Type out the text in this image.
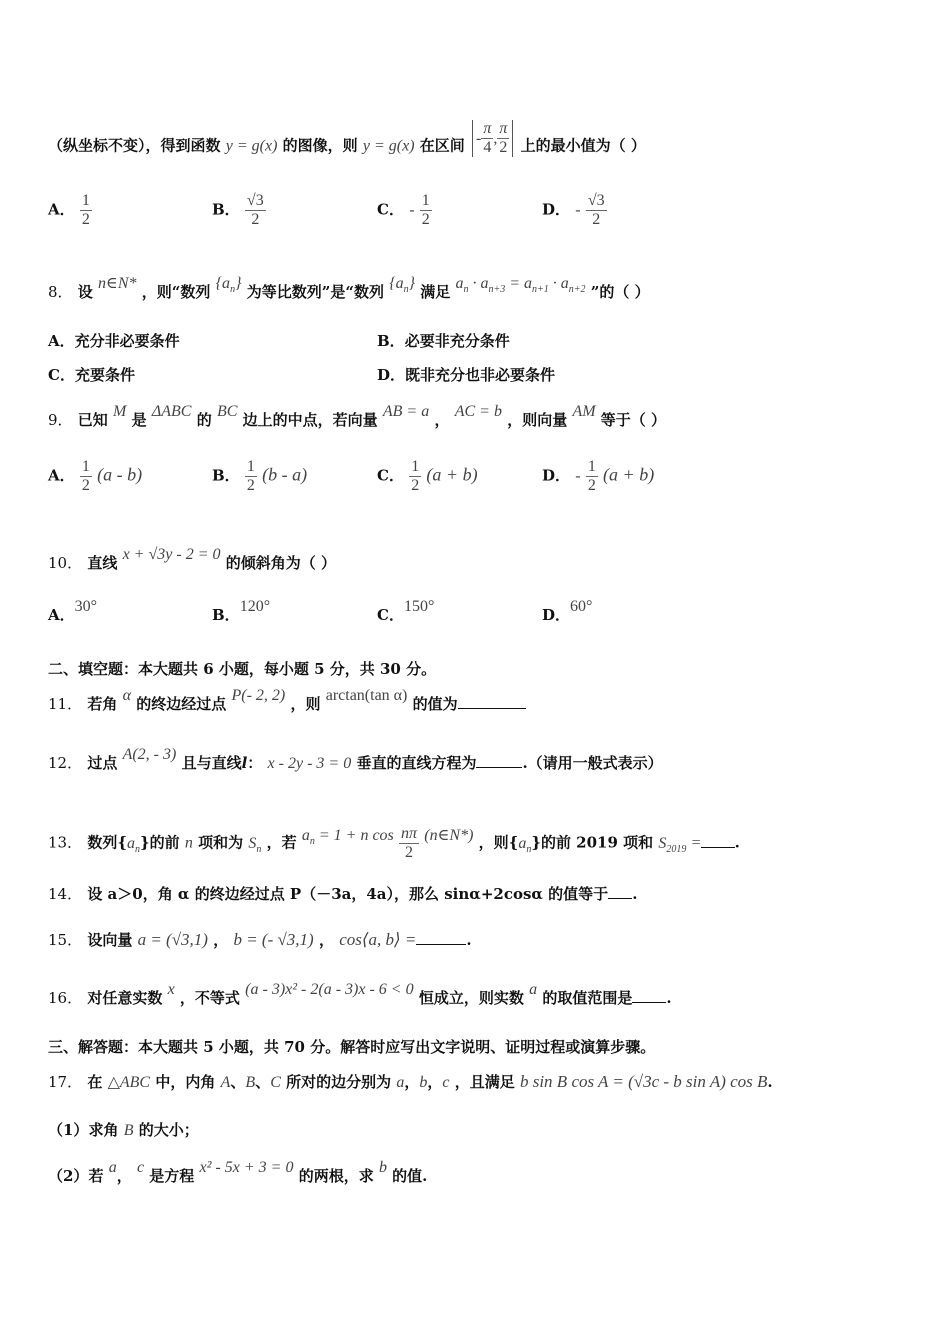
（纵坐标不变），得到函数 y = g(x) 的图像，则 y = g(x) 在区间 - $\frac{\pi}{4}$ , $\frac{\pi}{2}$ 上的最小值为（ ）
A． $\frac{1}{2}$	B． $\frac{√3}{2}$	C． - $\frac{1}{2}$	D． - $\frac{√3}{2}$
8． 设 n∈N* ，则“数列 $\{a_n\}$ 为等比数列”是“数列 $\{a_n\}$ 满足 $a_n \cdot a_{n+3} = a_{n+1} \cdot a_{n+2}$ ”的（ ）
A．充分非必要条件	B．必要非充分条件
C．充要条件	D．既非充分也非必要条件
9． 已知 M 是 ΔABC 的 BC 边上的中点，若向量 AB = a ， AC = b ，则向量 AM 等于（ ）
A． $\frac{1}{2} (a - b)$	B． $\frac{1}{2} (b - a)$	C． $\frac{1}{2} (a + b)$	D． - $\frac{1}{2} (a + b)$
10． 直线 x + √3y - 2 = 0 的倾斜角为（ ）
A．30°	B．120°	C．150°	D．60°
二、填空题：本大题共 6 小题，每小题 5 分，共 30 分。
11． 若角 α 的终边经过点 P(- 2, 2) ，则 arctan(tan α) 的值为
12． 过点 A(2, - 3) 且与直线l： x - 2y - 3 = 0 垂直的直线方程为	.（请用一般式表示）
13． 数列$\{a_n\}$的前 n 项和为 $S_n$ ，若 $a_n = 1 + n$ $\cos \frac{n\pi}{2}$ (n∈N*) ，则$\{a_n\}$的前 2019 项和 $S_{2019}$ = .
14． 设 a＞0，角 α 的终边经过点 P（－3a，4a），那么 sinα+2cosα 的值等于 .
15． 设向量 a = (√3,1) ， b = (- √3,1) ， cos⟨a, b⟩ =	.
16． 对任意实数 x ，不等式 (a - 3)x² - 2(a - 3)x - 6 < 0 恒成立，则实数 a 的取值范围是 .
三、解答题：本大题共 5 小题，共 70 分。解答时应写出文字说明、证明过程或演算步骤。
17． 在 △ABC 中，内角 A、B、C 所对的边分别为 a，b，c ，且满足 b sin B cos A = (√3c - b sin A) cos B.
（1）求角 B 的大小；
（2）若 a， c 是方程 x² - 5x + 3 = 0 的两根，求 b 的值.
